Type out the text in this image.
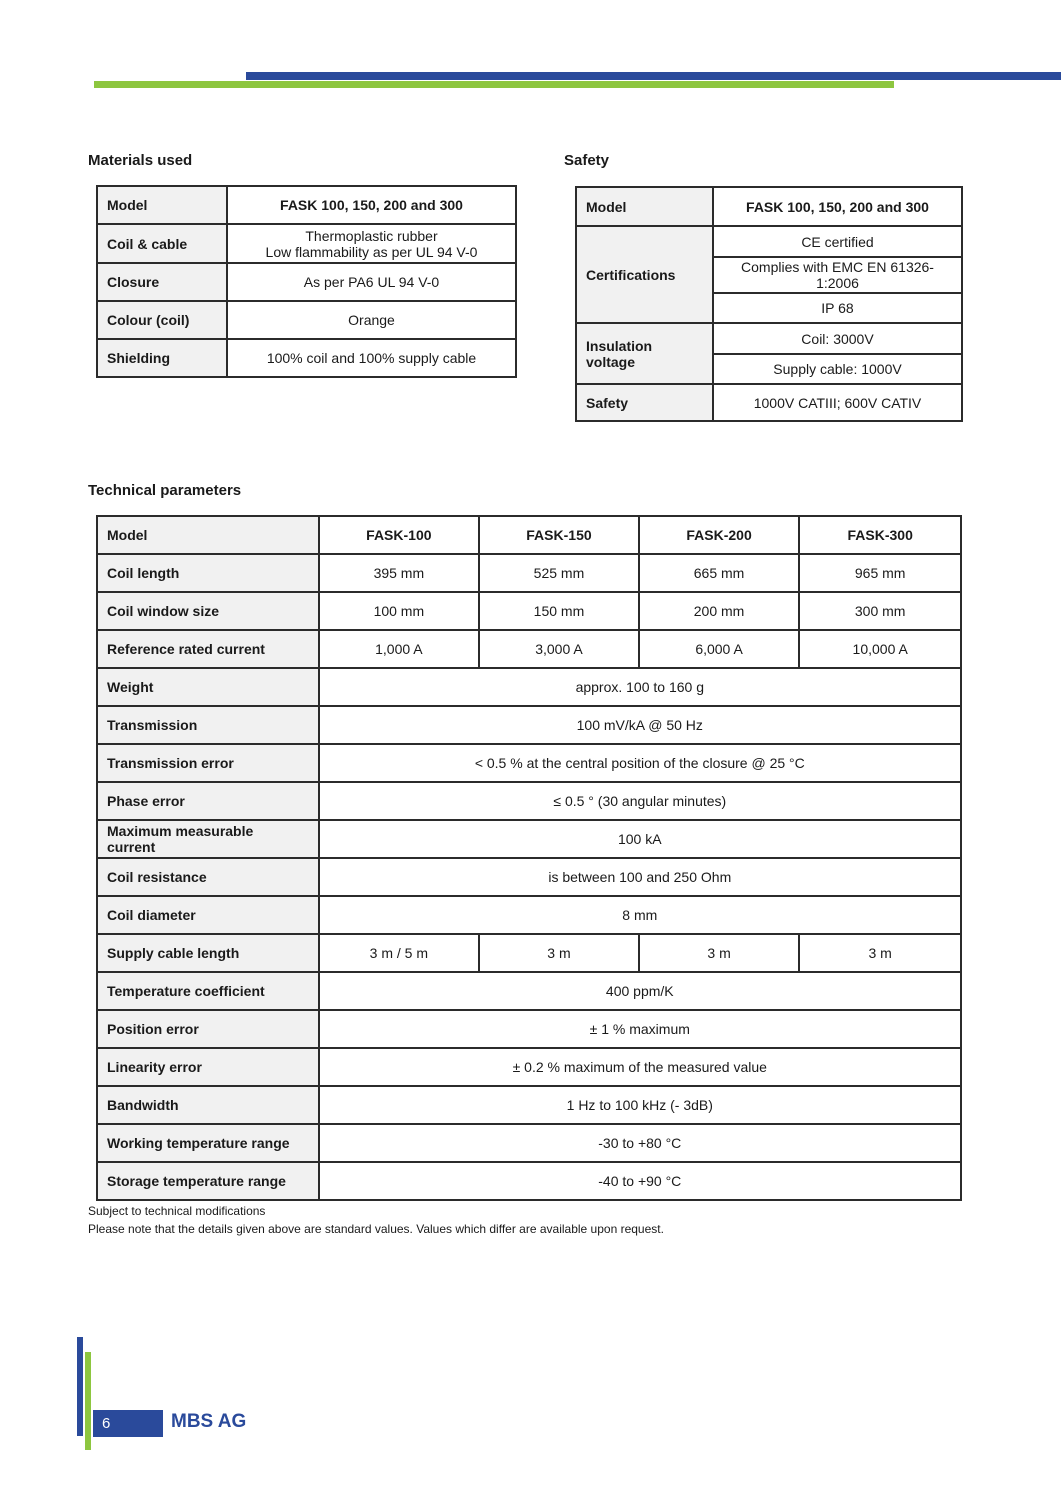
Materials used
Model	FASK 100, 150, 200 and 300
Coil & cable	Thermoplastic rubber
Low flammability as per UL 94 V-0

Closure	As per PA6 UL 94 V-0
Colour (coil)	Orange
Shielding	100% coil and 100% supply cable
Safety
Model	FASK 100, 150, 200 and 300
Certifications	CE certified

	Complies with EMC EN 61326-
1:2006

	IP 68

Insulation
voltage	Coil: 3000V
	Supply cable: 1000V
Safety	1000V CATIII; 600V CATIV
Technical parameters
Model	FASK-100	FASK-150	FASK-200	FASK-300

Coil length	395 mm	525 mm	665 mm	965 mm

Coil window size	100 mm	150 mm	200 mm	300 mm

Reference rated current	1,000 A	3,000 A	6,000 A	10,000 A

Weight	approx. 100 to 160 g			

Transmission	100 mV/kA @ 50 Hz			

Transmission error	< 0.5 % at the central position of the closure @ 25 °C			

Phase error	≤ 0.5 ° (30 angular minutes)			

Maximum measurable
current	100 kA			

Coil resistance	is between 100 and 250 Ohm			

Coil diameter	8 mm			

Supply cable length	3 m / 5 m	3 m	3 m	3 m

Temperature coefficient	400 ppm/K			

Position error	± 1 % maximum			

Linearity error	± 0.2 % maximum of the measured value			

Bandwidth	1 Hz to 100 kHz (- 3dB)			

Working temperature range	-30 to +80 °C			

Storage temperature range	-40 to +90 °C			
Subject to technical modifications
Please note that the details given above are standard values. Values which differ are available upon request.
6	MBS AG
